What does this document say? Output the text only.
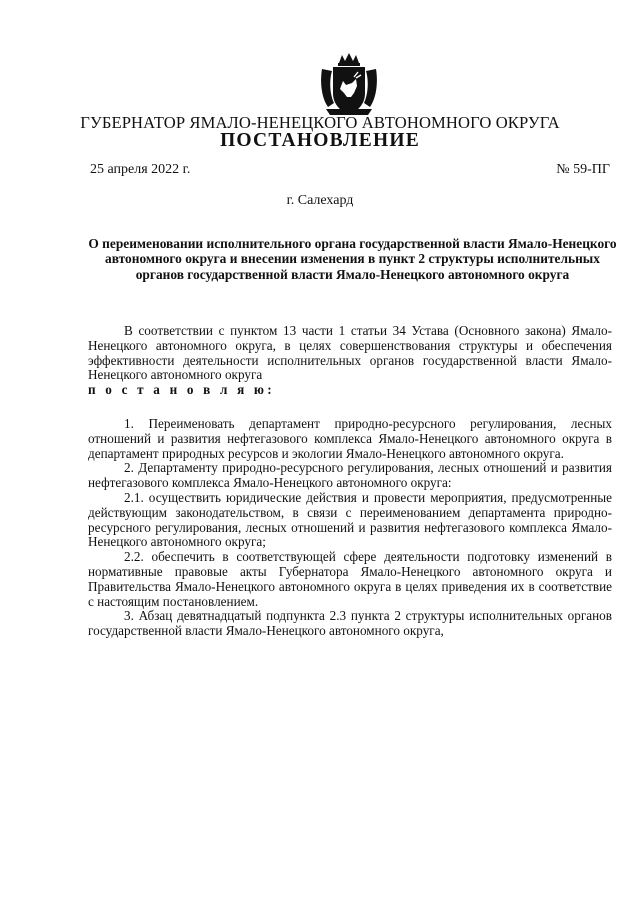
ГУБЕРНАТОР ЯМАЛО-НЕНЕЦКОГО АВТОНОМНОГО ОКРУГА
ПОСТАНОВЛЕНИЕ
25 апреля 2022 г.	№ 59-ПГ
г. Салехард
О переименовании исполнительного органа государственной власти Ямало-Ненецкого автономного округа и внесении изменения в пункт 2 структуры исполнительных органов государственной власти Ямало-Ненецкого автономного округа

В соответствии с пунктом 13 части 1 статьи 34 Устава (Основного закона) Ямало-Ненецкого автономного округа, в целях совершенствования структуры и обеспечения эффективности деятельности исполнительных органов государственной власти Ямало-Ненецкого автономного округа

п о с т а н о в л я ю:

1. Переименовать департамент природно-ресурсного регулирования, лесных отношений и развития нефтегазового комплекса Ямало-Ненецкого автономного округа в департамент природных ресурсов и экологии Ямало-Ненецкого автономного округа.

2. Департаменту природно-ресурсного регулирования, лесных отношений и развития нефтегазового комплекса Ямало-Ненецкого автономного округа:

2.1. осуществить юридические действия и провести мероприятия, предусмотренные действующим законодательством, в связи с переименованием департамента природно-ресурсного регулирования, лесных отношений и развития нефтегазового комплекса Ямало-Ненецкого автономного округа;

2.2. обеспечить в соответствующей сфере деятельности подготовку изменений в нормативные правовые акты Губернатора Ямало-Ненецкого автономного округа и Правительства Ямало-Ненецкого автономного округа в целях приведения их в соответствие с настоящим постановлением.

3. Абзац девятнадцатый подпункта 2.3 пункта 2 структуры исполнительных органов государственной власти Ямало-Ненецкого автономного округа,
